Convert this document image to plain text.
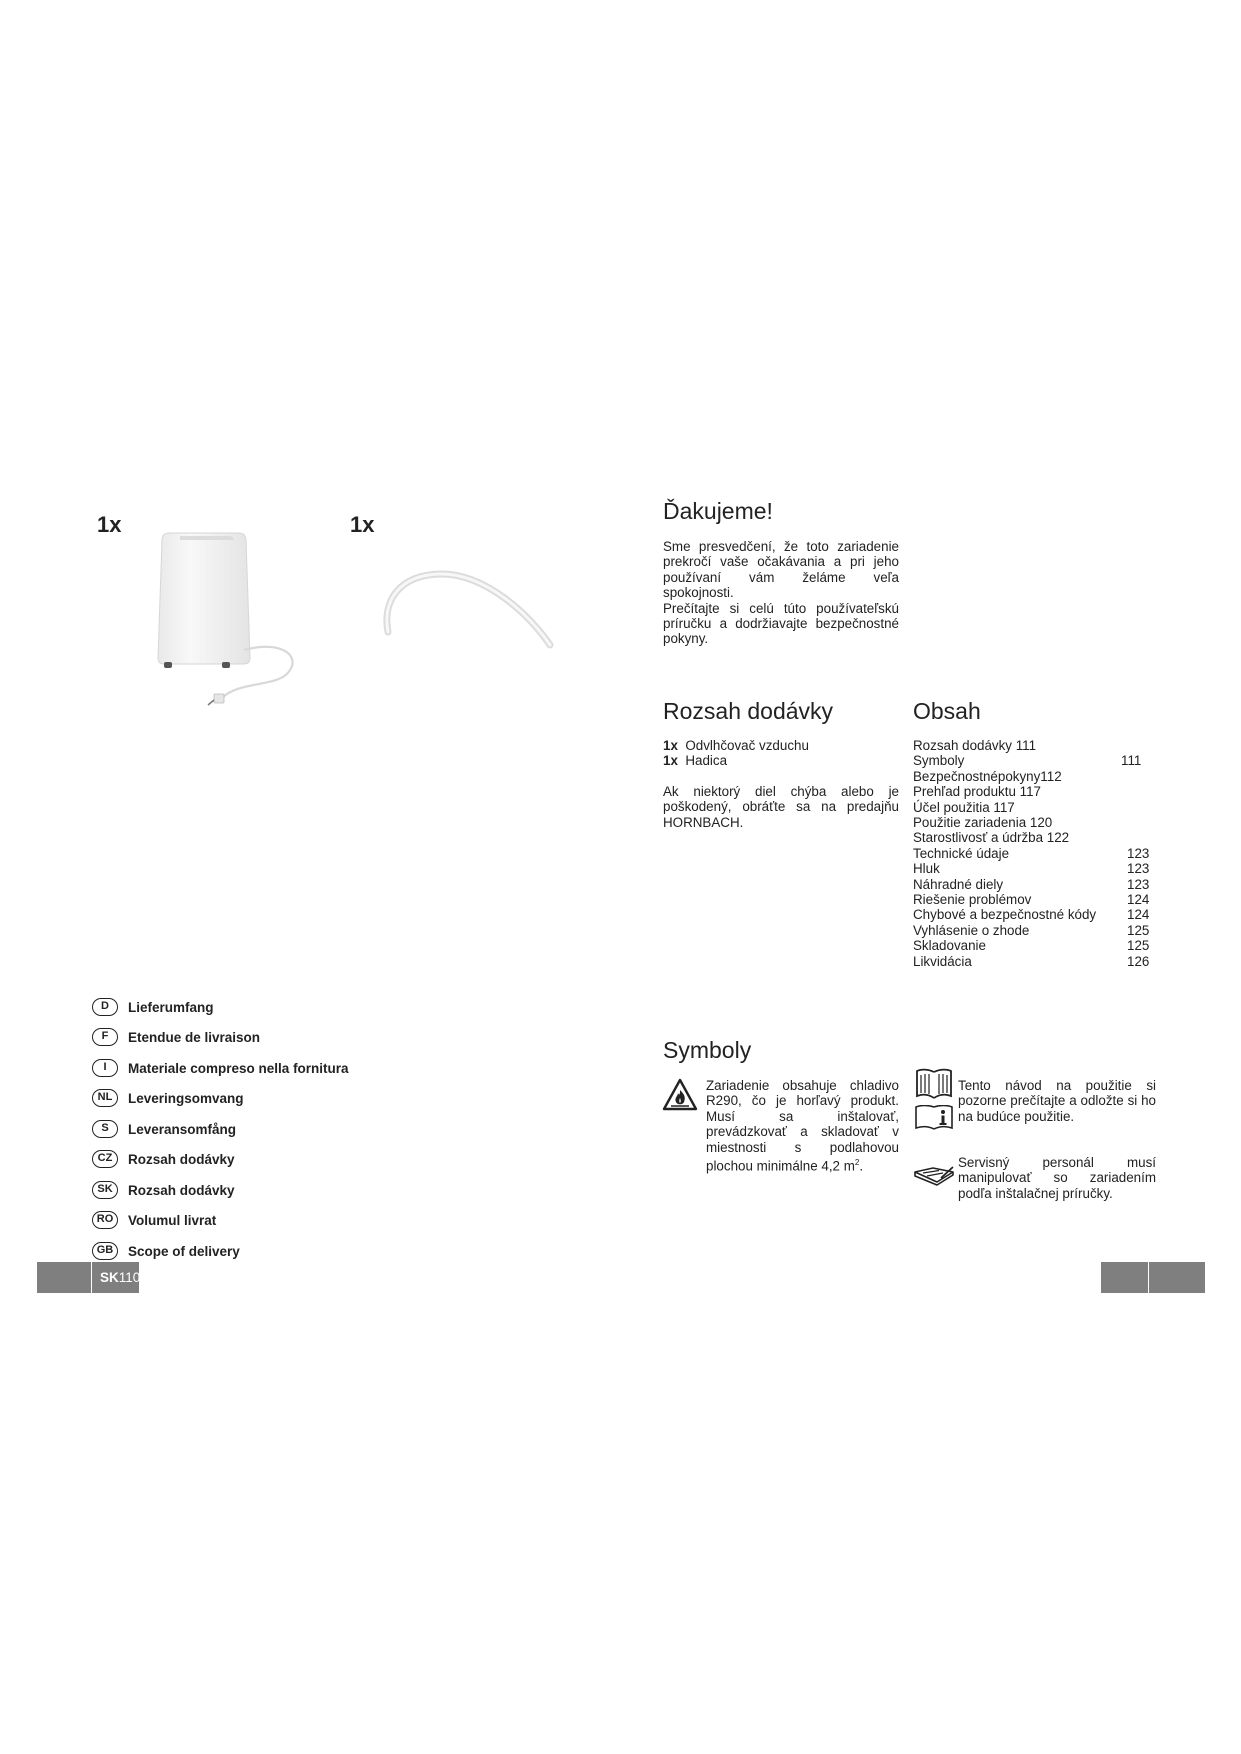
1x	1x
D	Lieferumfang
F	Etendue de livraison
I	Materiale compreso nella fornitura
NL	Leveringsomvang
S	Leveransomfång
CZ	Rozsah dodávky
SK	Rozsah dodávky
RO	Volumul livrat
GB	Scope of delivery
SK110
Ďakujeme!
Sme presvedčení, že toto zariadenie prekročí vaše očakávania a pri jeho používaní vám želáme veľa spokojnosti.
Prečítajte si celú túto používateľskú príručku a dodržiavajte bezpečnostné pokyny.
Rozsah dodávky
1x Odvlhčovač vzduchu
1x Hadica
Ak niektorý diel chýba alebo je poškodený, obráťte sa na predajňu HORNBACH.
Obsah
Rozsah dodávky 111
Symboly	111
Bezpečnostnépokyny112
Prehľad produktu 117
Účel použitia 117
Použitie zariadenia 120
Starostlivosť a údržba 122
Technické údaje	123
Hluk	123
Náhradné diely	123
Riešenie problémov	124
Chybové a bezpečnostné kódy 124
Vyhlásenie o zhode	125
Skladovanie	125
Likvidácia	126
Symboly
Zariadenie obsahuje chladivo R290, čo je horľavý produkt. Musí sa inštalovať, prevádzkovať a skladovať v miestnosti s podlahovou plochou minimálne 4,2 $m^2$.
Tento návod na použitie si pozorne prečítajte a odložte si ho na budúce použitie.
Servisný personál musí manipulovať so zariadením podľa inštalačnej príručky.
